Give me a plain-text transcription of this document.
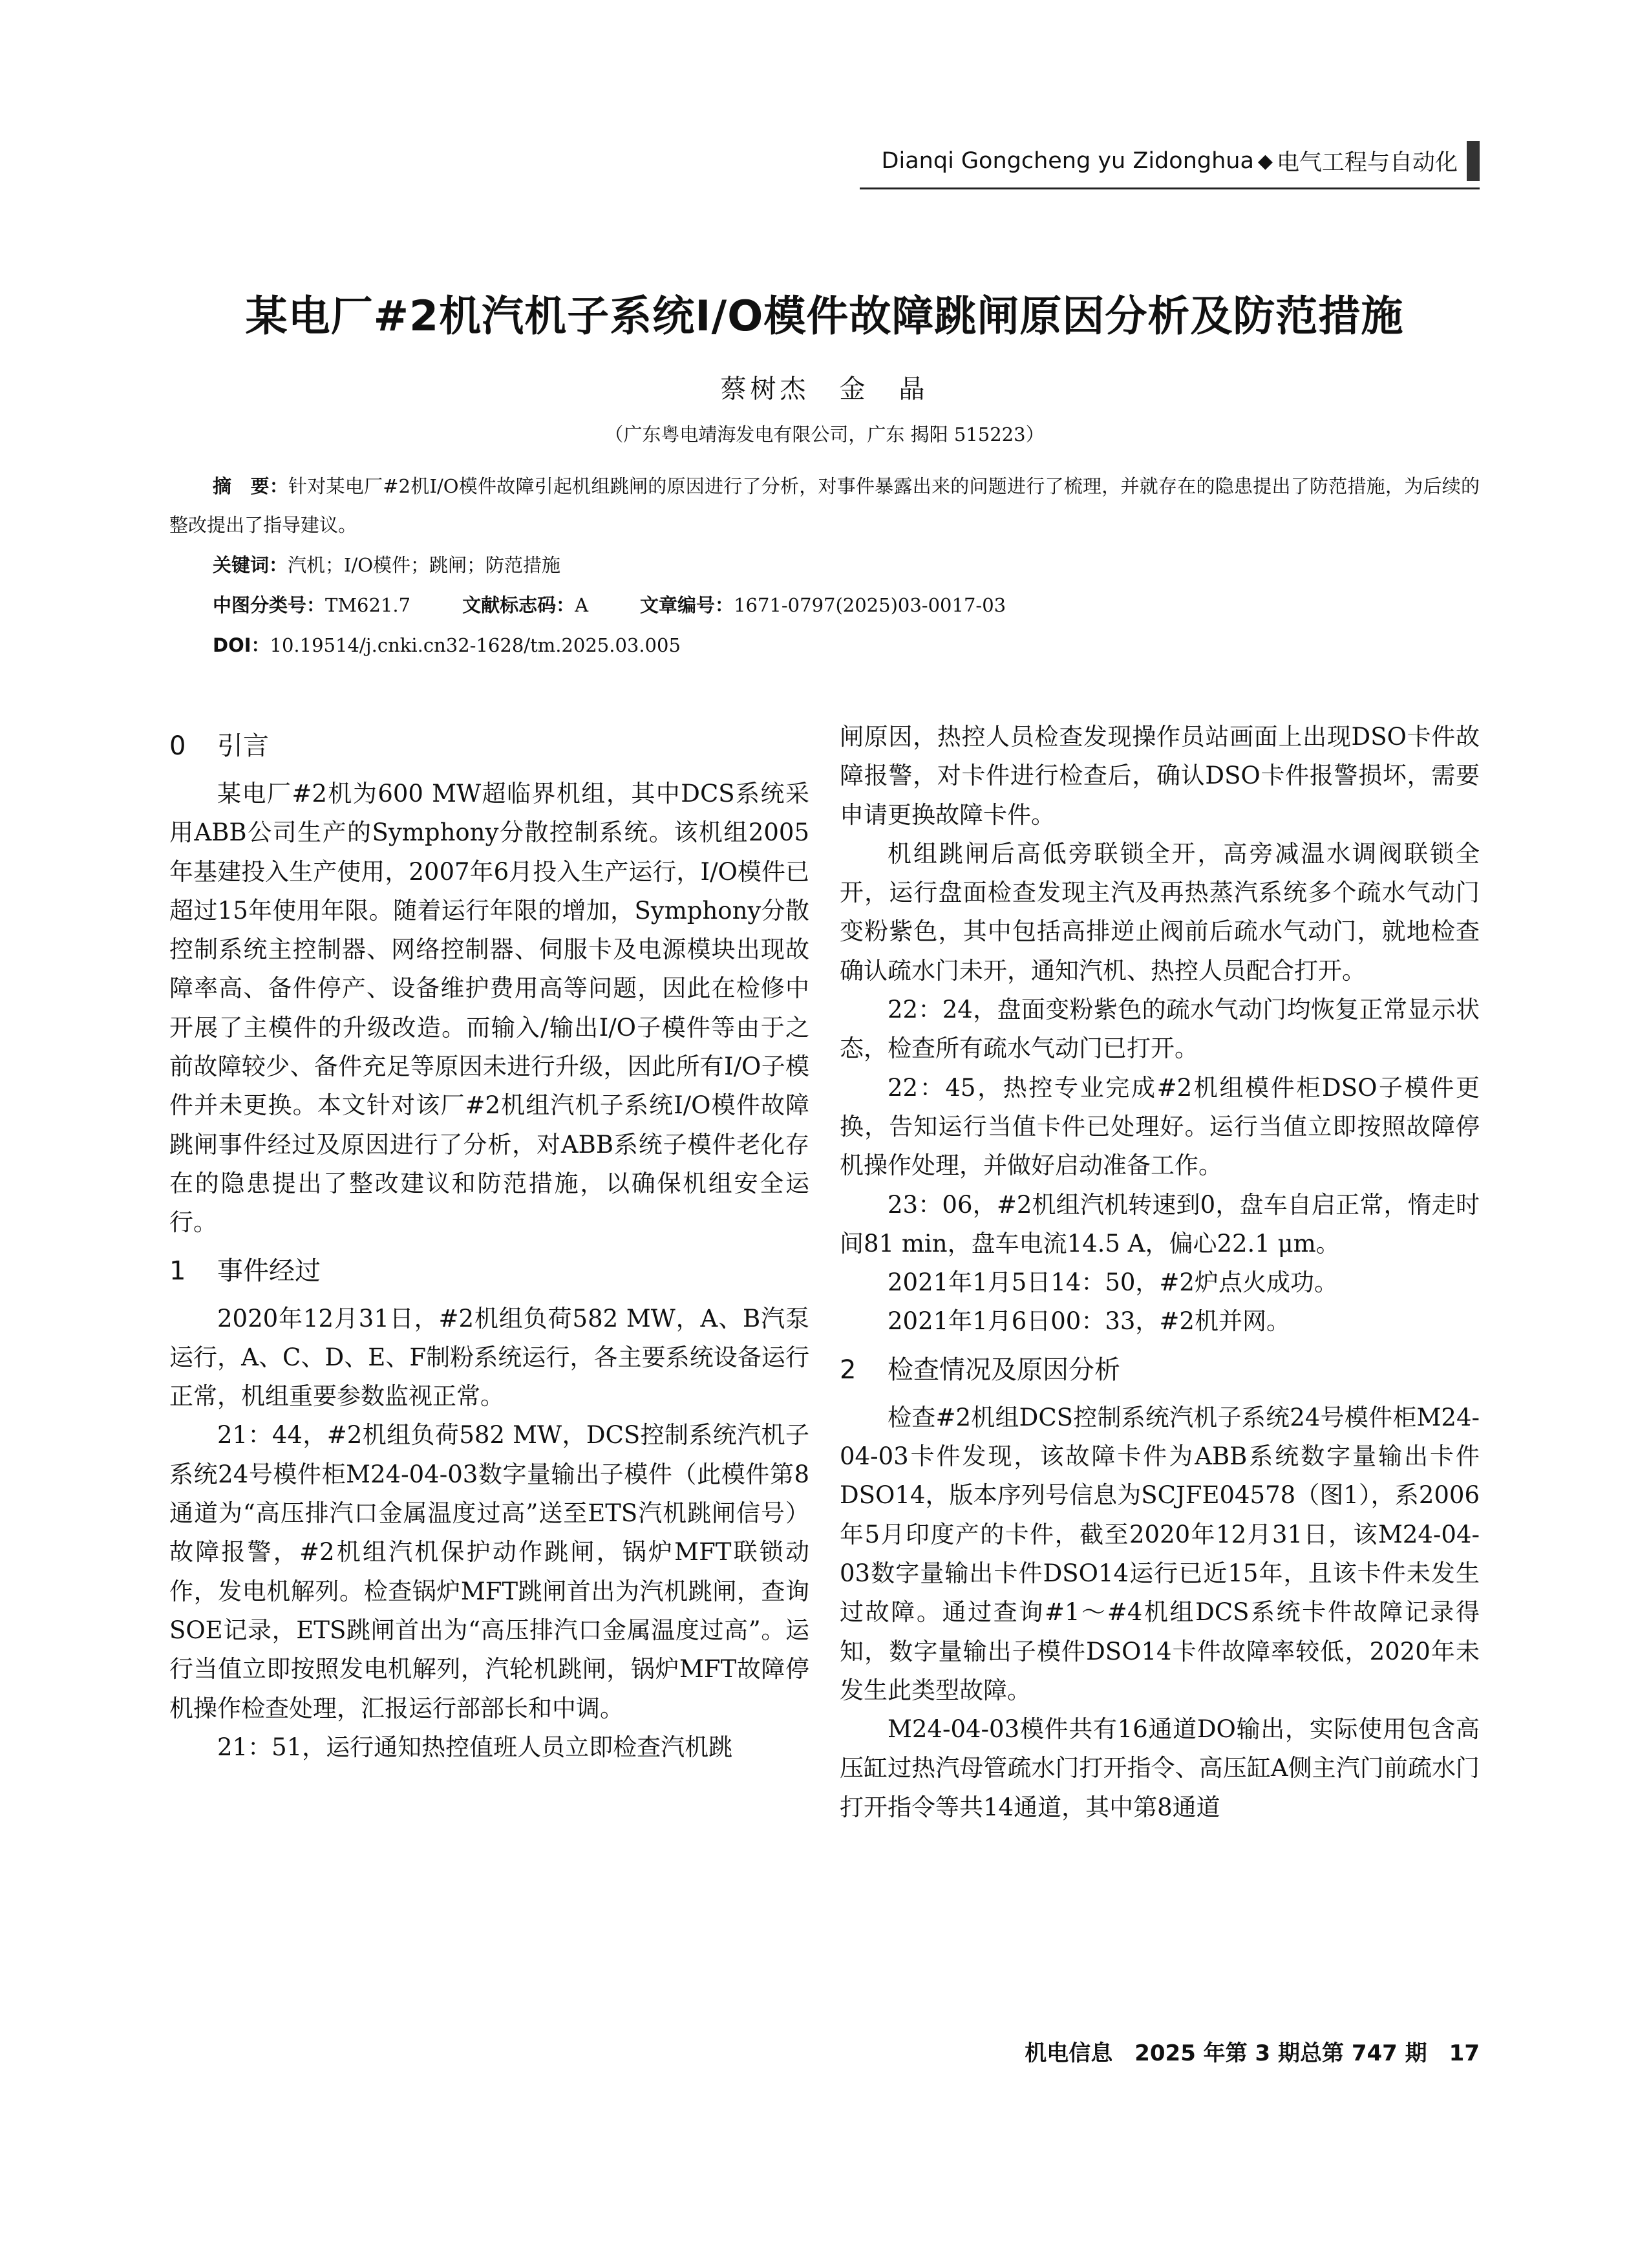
Dianqi Gongcheng yu Zidonghua ◆ 电气工程与自动化
某电厂#2机汽机子系统I/O模件故障跳闸原因分析及防范措施
蔡树杰　金　晶
（广东粤电靖海发电有限公司，广东 揭阳 515223）
摘　要：针对某电厂#2机I/O模件故障引起机组跳闸的原因进行了分析，对事件暴露出来的问题进行了梳理，并就存在的隐患提出了防范措施，为后续的整改提出了指导建议。
关键词：汽机；I/O模件；跳闸；防范措施
中图分类号：TM621.7	文献标志码：A	文章编号：1671-0797(2025)03-0017-03
DOI：10.19514/j.cnki.cn32-1628/tm.2025.03.005
0 引言

某电厂#2机为600 MW超临界机组，其中DCS系统采用ABB公司生产的Symphony分散控制系统。该机组2005年基建投入生产使用，2007年6月投入生产运行，I/O模件已超过15年使用年限。随着运行年限的增加，Symphony分散控制系统主控制器、网络控制器、伺服卡及电源模块出现故障率高、备件停产、设备维护费用高等问题，因此在检修中开展了主模件的升级改造。而输入/输出I/O子模件等由于之前故障较少、备件充足等原因未进行升级，因此所有I/O子模件并未更换。本文针对该厂#2机组汽机子系统I/O模件故障跳闸事件经过及原因进行了分析，对ABB系统子模件老化存在的隐患提出了整改建议和防范措施，以确保机组安全运行。

1 事件经过

2020年12月31日，#2机组负荷582 MW，A、B汽泵运行，A、C、D、E、F制粉系统运行，各主要系统设备运行正常，机组重要参数监视正常。

21：44，#2机组负荷582 MW，DCS控制系统汽机子系统24号模件柜M24-04-03数字量输出子模件（此模件第8通道为“高压排汽口金属温度过高”送至ETS汽机跳闸信号）故障报警，#2机组汽机保护动作跳闸，锅炉MFT联锁动作，发电机解列。检查锅炉MFT跳闸首出为汽机跳闸，查询SOE记录，ETS跳闸首出为“高压排汽口金属温度过高”。运行当值立即按照发电机解列，汽轮机跳闸，锅炉MFT故障停机操作检查处理，汇报运行部部长和中调。

21：51，运行通知热控值班人员立即检查汽机跳

闸原因，热控人员检查发现操作员站画面上出现DSO卡件故障报警，对卡件进行检查后，确认DSO卡件报警损坏，需要申请更换故障卡件。

机组跳闸后高低旁联锁全开，高旁减温水调阀联锁全开，运行盘面检查发现主汽及再热蒸汽系统多个疏水气动门变粉紫色，其中包括高排逆止阀前后疏水气动门，就地检查确认疏水门未开，通知汽机、热控人员配合打开。

22：24，盘面变粉紫色的疏水气动门均恢复正常显示状态，检查所有疏水气动门已打开。

22：45，热控专业完成#2机组模件柜DSO子模件更换，告知运行当值卡件已处理好。运行当值立即按照故障停机操作处理，并做好启动准备工作。

23：06，#2机组汽机转速到0，盘车自启正常，惰走时间81 min，盘车电流14.5 A，偏心22.1 μm。

2021年1月5日14：50，#2炉点火成功。

2021年1月6日00：33，#2机并网。

2 检查情况及原因分析

检查#2机组DCS控制系统汽机子系统24号模件柜M24-04-03卡件发现，该故障卡件为ABB系统数字量输出卡件DSO14，版本序列号信息为SCJFE04578（图1），系2006年5月印度产的卡件，截至2020年12月31日，该M24-04-03数字量输出卡件DSO14运行已近15年，且该卡件未发生过故障。通过查询#1～#4机组DCS系统卡件故障记录得知，数字量输出子模件DSO14卡件故障率较低，2020年未发生此类型故障。

M24-04-03模件共有16通道DO输出，实际使用包含高压缸过热汽母管疏水门打开指令、高压缸A侧主汽门前疏水门打开指令等共14通道，其中第8通道

机电信息 2025 年第 3 期总第 747 期 17
